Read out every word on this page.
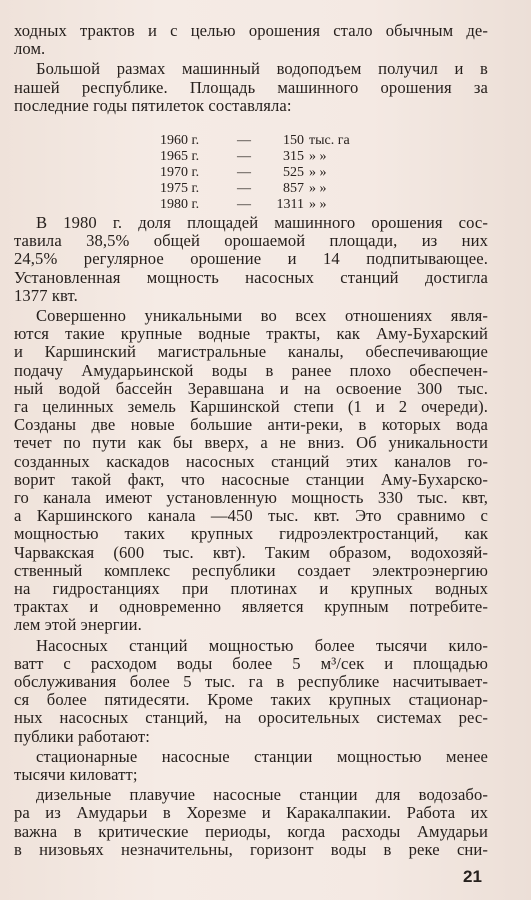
ходных трактов и с целью орошения стало обычным де-
лом.
Большой размах машинный водоподъем получил и в
нашей республике. Площадь машинного орошения за
последние годы пятилеток составляла:
1960 г.	—	150 тыс. га
1965 г.	—	315 » »
1970 г.	—	525 » »
1975 г.	—	857 » »
1980 г.	—	1311 » »
В 1980 г. доля площадей машинного орошения сос-
тавила 38,5% общей орошаемой площади, из них
24,5% регулярное орошение и 14 подпитывающее.
Установленная мощность насосных станций достигла
1377 квт.
Совершенно уникальными во всех отношениях явля-
ются такие крупные водные тракты, как Аму-Бухарский
и Каршинский магистральные каналы, обеспечивающие
подачу Амударьинской воды в ранее плохо обеспечен-
ный водой бассейн Зеравшана и на освоение 300 тыс.
га целинных земель Каршинской степи (1 и 2 очереди).
Созданы две новые большие анти-реки, в которых вода
течет по пути как бы вверх, а не вниз. Об уникальности
созданных каскадов насосных станций этих каналов го-
ворит такой факт, что насосные станции Аму-Бухарско-
го канала имеют установленную мощность 330 тыс. квт,
а Каршинского канала —450 тыс. квт. Это сравнимо с
мощностью таких крупных гидроэлектростанций, как
Чарвакская (600 тыс. квт). Таким образом, водохозяй-
ственный комплекс республики создает электроэнергию
на гидростанциях при плотинах и крупных водных
трактах и одновременно является крупным потребите-
лем этой энергии.
Насосных станций мощностью более тысячи кило-
ватт с расходом воды более 5 м³/сек и площадью
обслуживания более 5 тыс. га в республике насчитывает-
ся более пятидесяти. Кроме таких крупных стационар-
ных насосных станций, на оросительных системах рес-
публики работают:
стационарные насосные станции мощностью менее
тысячи киловатт;
дизельные плавучие насосные станции для водозабо-
ра из Амударьи в Хорезме и Каракалпакии. Работа их
важна в критические периоды, когда расходы Амударьи
в низовьях незначительны, горизонт воды в реке сни-
21
